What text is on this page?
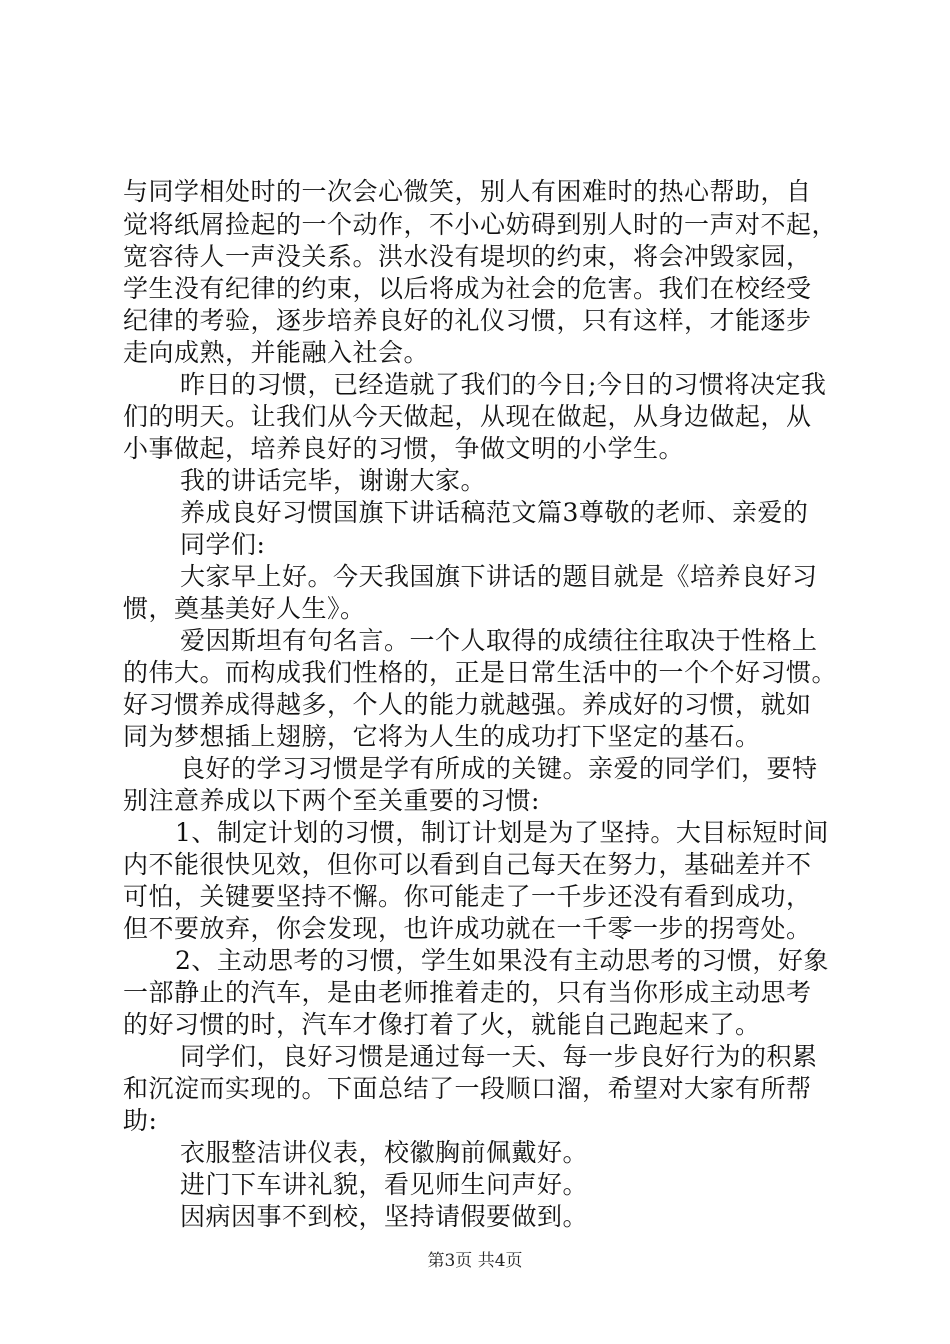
与同学相处时的一次会心微笑，别人有困难时的热心帮助，自
觉将纸屑捡起的一个动作，不小心妨碍到别人时的一声对不起，
宽容待人一声没关系。洪水没有堤坝的约束，将会冲毁家园，
学生没有纪律的约束，以后将成为社会的危害。我们在校经受
纪律的考验，逐步培养良好的礼仪习惯，只有这样，才能逐步
走向成熟，并能融入社会。
昨日的习惯，已经造就了我们的今日;今日的习惯将决定我
们的明天。让我们从今天做起，从现在做起，从身边做起，从
小事做起，培养良好的习惯，争做文明的小学生。
我的讲话完毕，谢谢大家。
养成良好习惯国旗下讲话稿范文篇3尊敬的老师、亲爱的
同学们:
大家早上好。今天我国旗下讲话的题目就是《培养良好习
惯，奠基美好人生》。
爱因斯坦有句名言。一个人取得的成绩往往取决于性格上
的伟大。而构成我们性格的，正是日常生活中的一个个好习惯。
好习惯养成得越多，个人的能力就越强。养成好的习惯，就如
同为梦想插上翅膀，它将为人生的成功打下坚定的基石。
良好的学习习惯是学有所成的关键。亲爱的同学们，要特
别注意养成以下两个至关重要的习惯:
1、制定计划的习惯，制订计划是为了坚持。大目标短时间
内不能很快见效，但你可以看到自己每天在努力，基础差并不
可怕，关键要坚持不懈。你可能走了一千步还没有看到成功，
但不要放弃，你会发现，也许成功就在一千零一步的拐弯处。
2、主动思考的习惯，学生如果没有主动思考的习惯，好象
一部静止的汽车，是由老师推着走的，只有当你形成主动思考
的好习惯的时，汽车才像打着了火，就能自己跑起来了。
同学们，良好习惯是通过每一天、每一步良好行为的积累
和沉淀而实现的。下面总结了一段顺口溜，希望对大家有所帮
助:
衣服整洁讲仪表，校徽胸前佩戴好。
进门下车讲礼貌，看见师生问声好。
因病因事不到校，坚持请假要做到。
第3页 共4页
